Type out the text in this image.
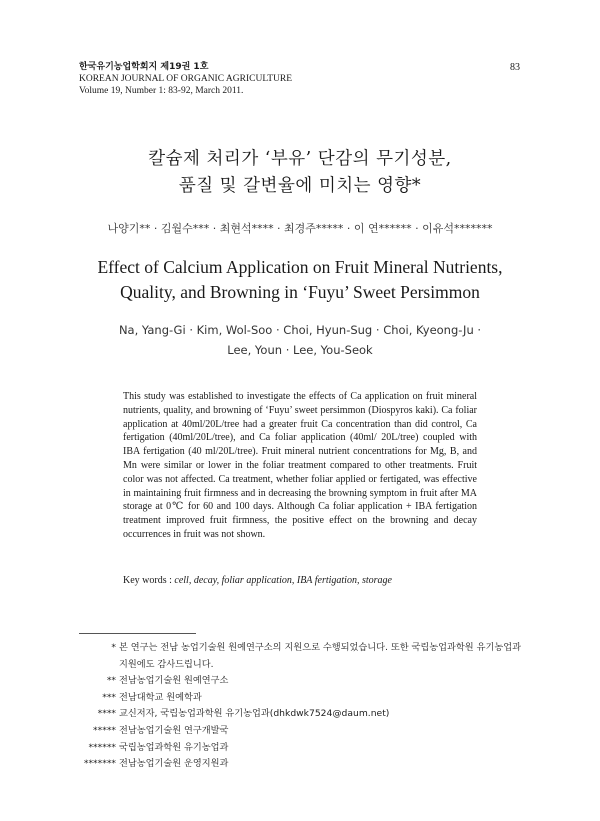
한국유기농업학회지 제19권 1호
KOREAN JOURNAL OF ORGANIC AGRICULTURE
Volume 19, Number 1: 83-92, March 2011.
83
칼슘제 처리가 ‘부유’ 단감의 무기성분,
품질 및 갈변율에 미치는 영향*
나양기** · 김월수*** · 최현석**** · 최경주***** · 이 연****** · 이유석*******
Effect of Calcium Application on Fruit Mineral Nutrients,
Quality, and Browning in ‘Fuyu’ Sweet Persimmon
Na, Yang-Gi · Kim, Wol-Soo · Choi, Hyun-Sug · Choi, Kyeong-Ju ·
Lee, Youn · Lee, You-Seok
This study was established to investigate the effects of Ca application on fruit mineral nutrients, quality, and browning of ‘Fuyu’ sweet persimmon (Diospyros kaki). Ca foliar application at 40ml/20L/tree had a greater fruit Ca concentration than did control, Ca fertigation (40ml/20L/tree), and Ca foliar application (40ml/ 20L/tree) coupled with IBA fertigation (40 ml/20L/tree). Fruit mineral nutrient concentrations for Mg, B, and Mn were similar or lower in the foliar treatment compared to other treatments. Fruit color was not affected. Ca treatment, whether foliar applied or fertigated, was effective in maintaining fruit firmness and in decreasing the browning symptom in fruit after MA storage at 0℃ for 60 and 100 days. Although Ca foliar application + IBA fertigation treatment improved fruit firmness, the positive effect on the browning and decay occurrences in fruit was not shown.
Key words : cell, decay, foliar application, IBA fertigation, storage
* 본 연구는 전남 농업기술원 원예연구소의 지원으로 수행되었습니다. 또한 국립농업과학원 유기농업과 지원에도 감사드립니다.
** 전남농업기술원 원예연구소
*** 전남대학교 원예학과
**** 교신저자, 국립농업과학원 유기농업과(dhkdwk7524@daum.net)
***** 전남농업기술원 연구개발국
****** 국립농업과학원 유기농업과
******* 전남농업기술원 운영지원과
